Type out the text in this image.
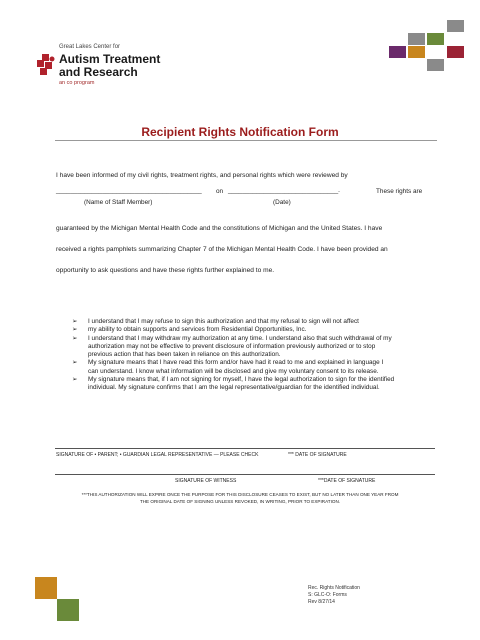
Great Lakes Center for
Autism Treatment
and Research
an co program
Recipient Rights Notification Form
I have been informed of my civil rights, treatment rights, and personal rights which were reviewed by
_________________________________________ on _______________________________.	These rights are
(Name of Staff Member)	(Date)
guaranteed by the Michigan Mental Health Code and the constitutions of Michigan and the United States. I have
received a rights pamphlets summarizing Chapter 7 of the Michigan Mental Health Code. I have been provided an
opportunity to ask questions and have these rights further explained to me.
➢ I understand that I may refuse to sign this authorization and that my refusal to sign will not affect
➢ my ability to obtain supports and services from Residential Opportunities, Inc.
➢ I understand that I may withdraw my authorization at any time. I understand also that such withdrawal of my
authorization may not be effective to prevent disclosure of information previously authorized or to stop
previous action that has been taken in reliance on this authorization.
➢ My signature means that I have read this form and/or have had it read to me and explained in language I
can understand. I know what information will be disclosed and give my voluntary consent to its release.
➢ My signature means that, if I am not signing for myself, I have the legal authorization to sign for the identified
individual. My signature confirms that I am the legal representative/guardian for the identified individual.
SIGNATURE OF • PARENT; • GUARDIAN LEGAL REPRESENTATIVE — PLEASE CHECK	*** DATE OF SIGNATURE
SIGNATURE OF WITNESS	***DATE OF SIGNATURE
***THIS AUTHORIZATION WILL EXPIRE ONCE THE PURPOSE FOR THIS DISCLOSURE CEASES TO EXIST, BUT NO LATER THAN ONE YEAR FROM
THE ORIGINAL DATE OF SIGNING UNLESS REVOKED, IN WRITING, PRIOR TO EXPIRATION.
Rec. Rights Notification
S: GLC-O: Forms
Rev 8/27/14
